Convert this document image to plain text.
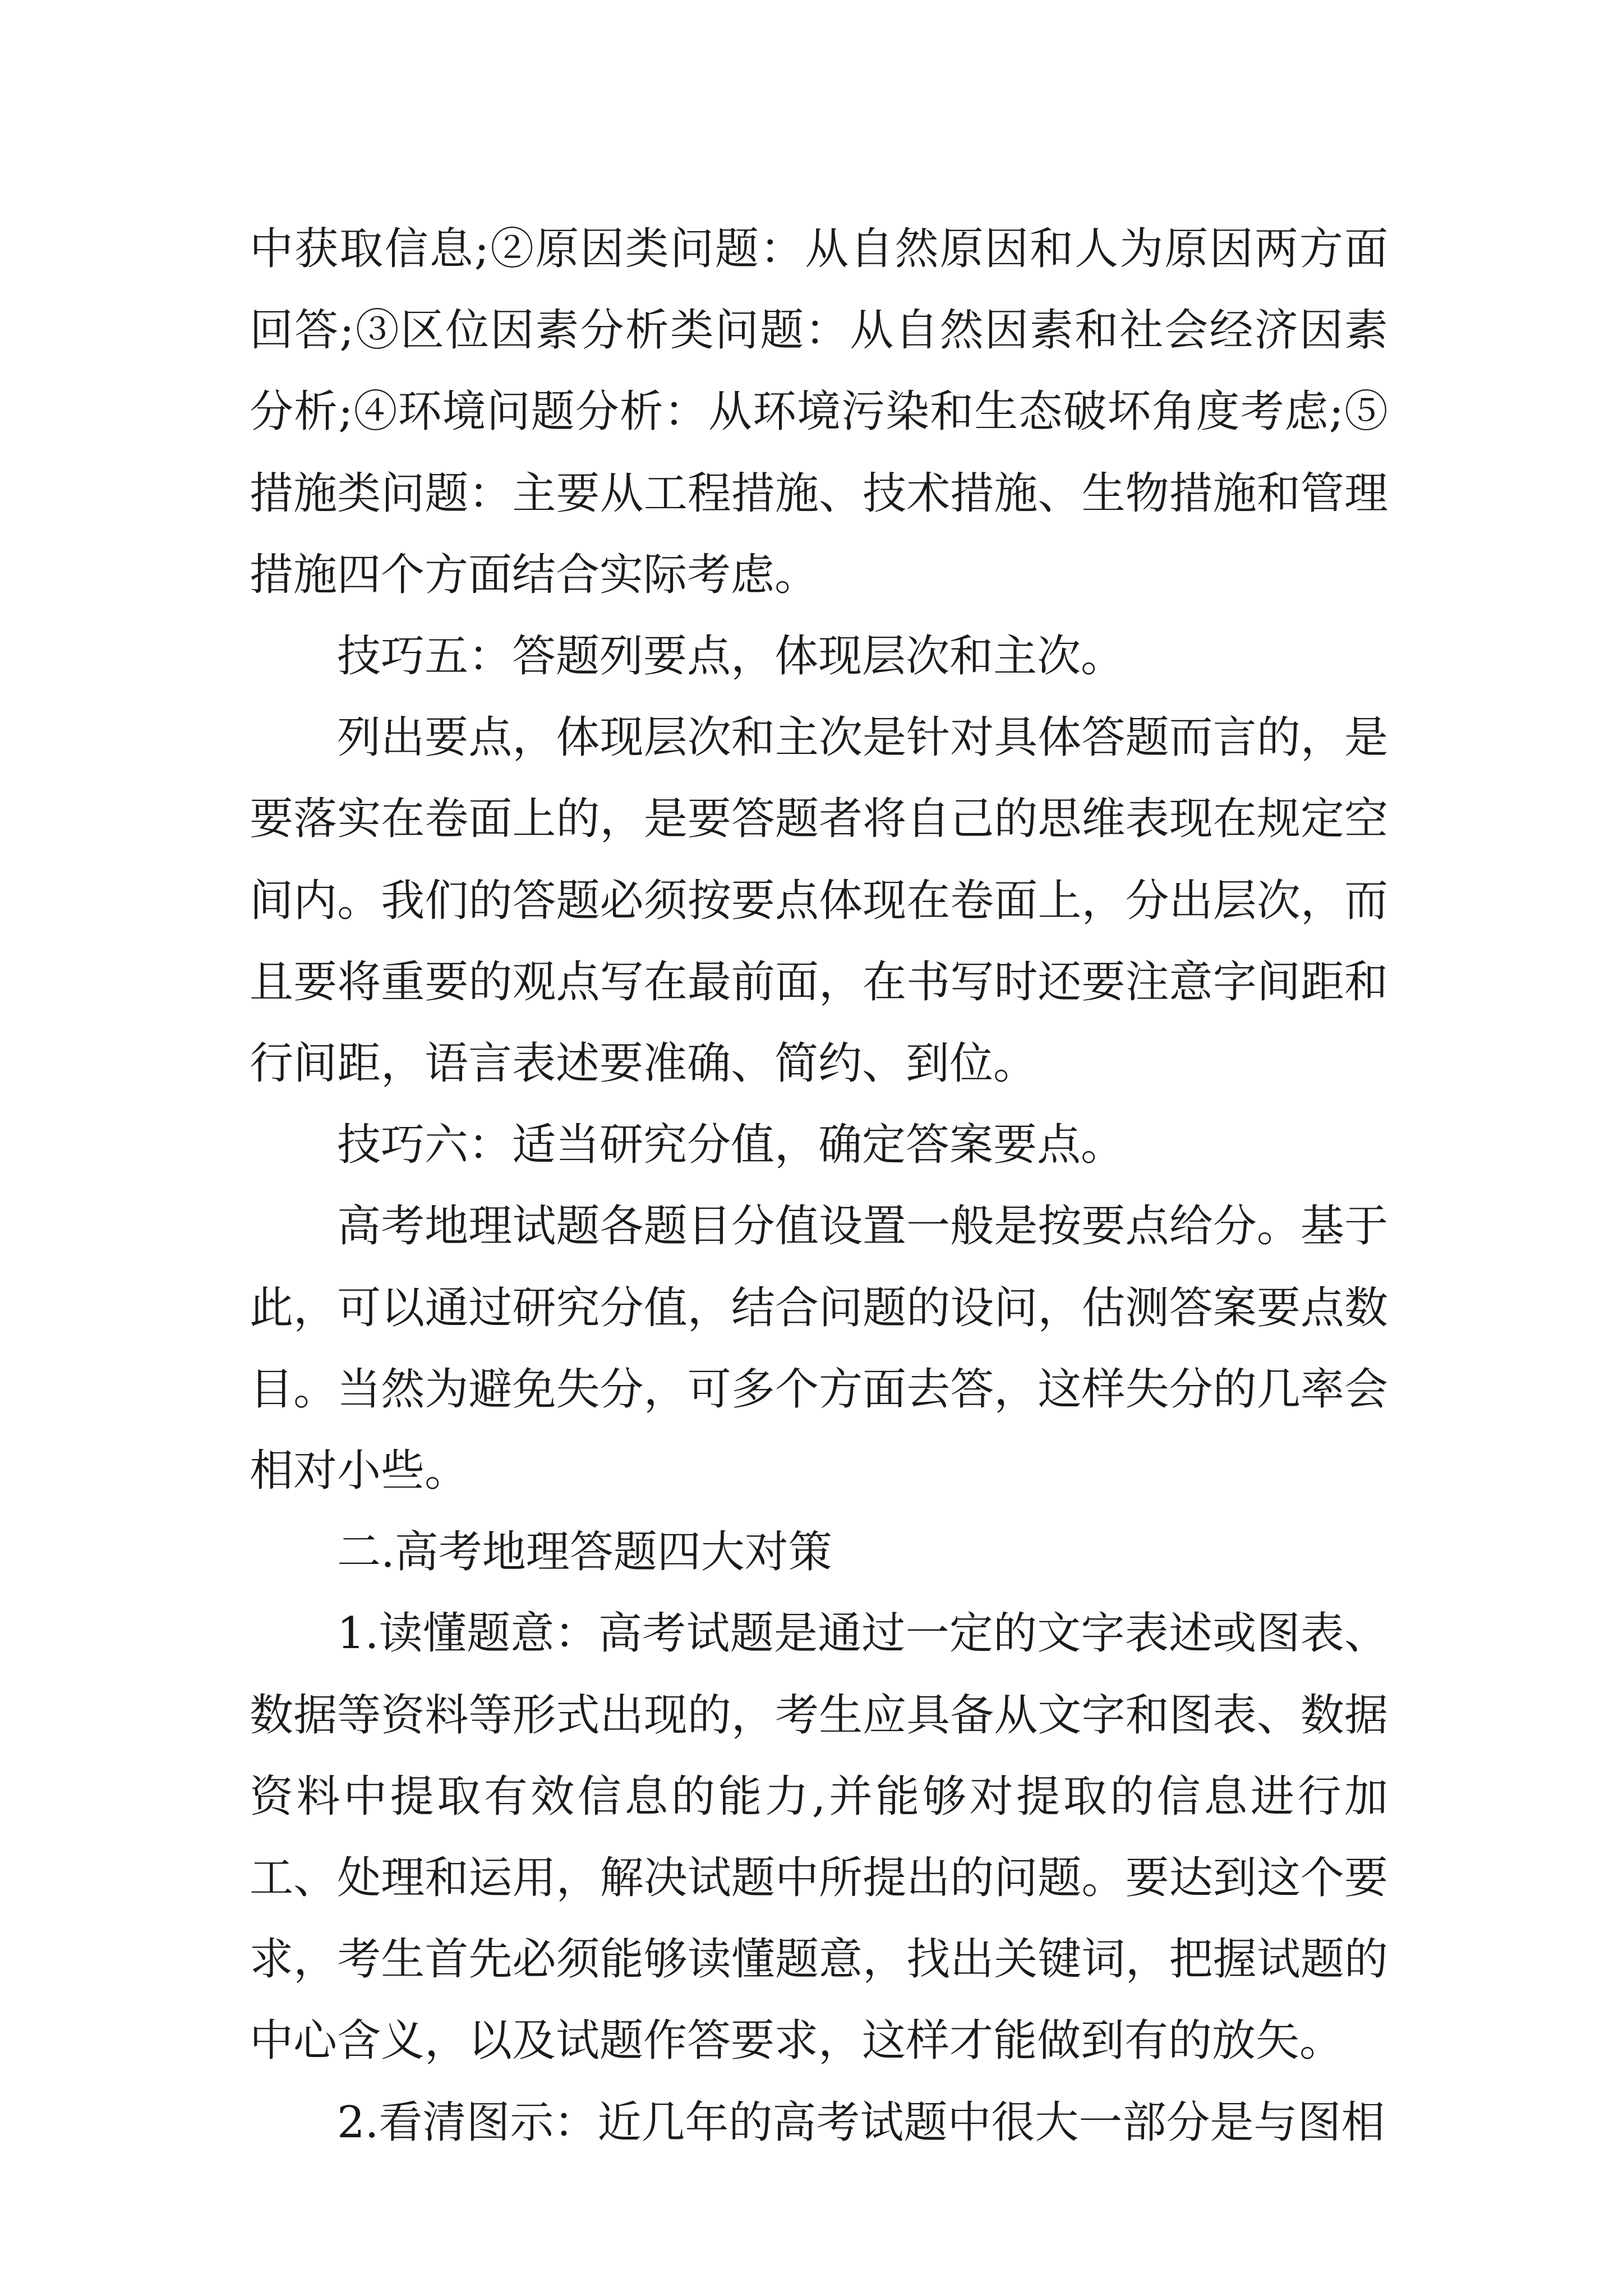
中获取信息;②原因类问题：从自然原因和人为原因两方面回答;③区位因素分析类问题：从自然因素和社会经济因素分析;④环境问题分析：从环境污染和生态破坏角度考虑;⑤措施类问题：主要从工程措施、技术措施、生物措施和管理措施四个方面结合实际考虑。

技巧五：答题列要点，体现层次和主次。

列出要点，体现层次和主次是针对具体答题而言的，是要落实在卷面上的，是要答题者将自己的思维表现在规定空间内。我们的答题必须按要点体现在卷面上，分出层次，而且要将重要的观点写在最前面，在书写时还要注意字间距和行间距，语言表述要准确、简约、到位。

技巧六：适当研究分值，确定答案要点。

高考地理试题各题目分值设置一般是按要点给分。基于此，可以通过研究分值，结合问题的设问，估测答案要点数目。当然为避免失分，可多个方面去答，这样失分的几率会相对小些。

二.高考地理答题四大对策

1.读懂题意：高考试题是通过一定的文字表述或图表、数据等资料等形式出现的，考生应具备从文字和图表、数据资料中提取有效信息的能力,并能够对提取的信息进行加工、处理和运用，解决试题中所提出的问题。要达到这个要求，考生首先必须能够读懂题意，找出关键词，把握试题的中心含义，以及试题作答要求，这样才能做到有的放矢。

2.看清图示：近几年的高考试题中很大一部分是与图相
